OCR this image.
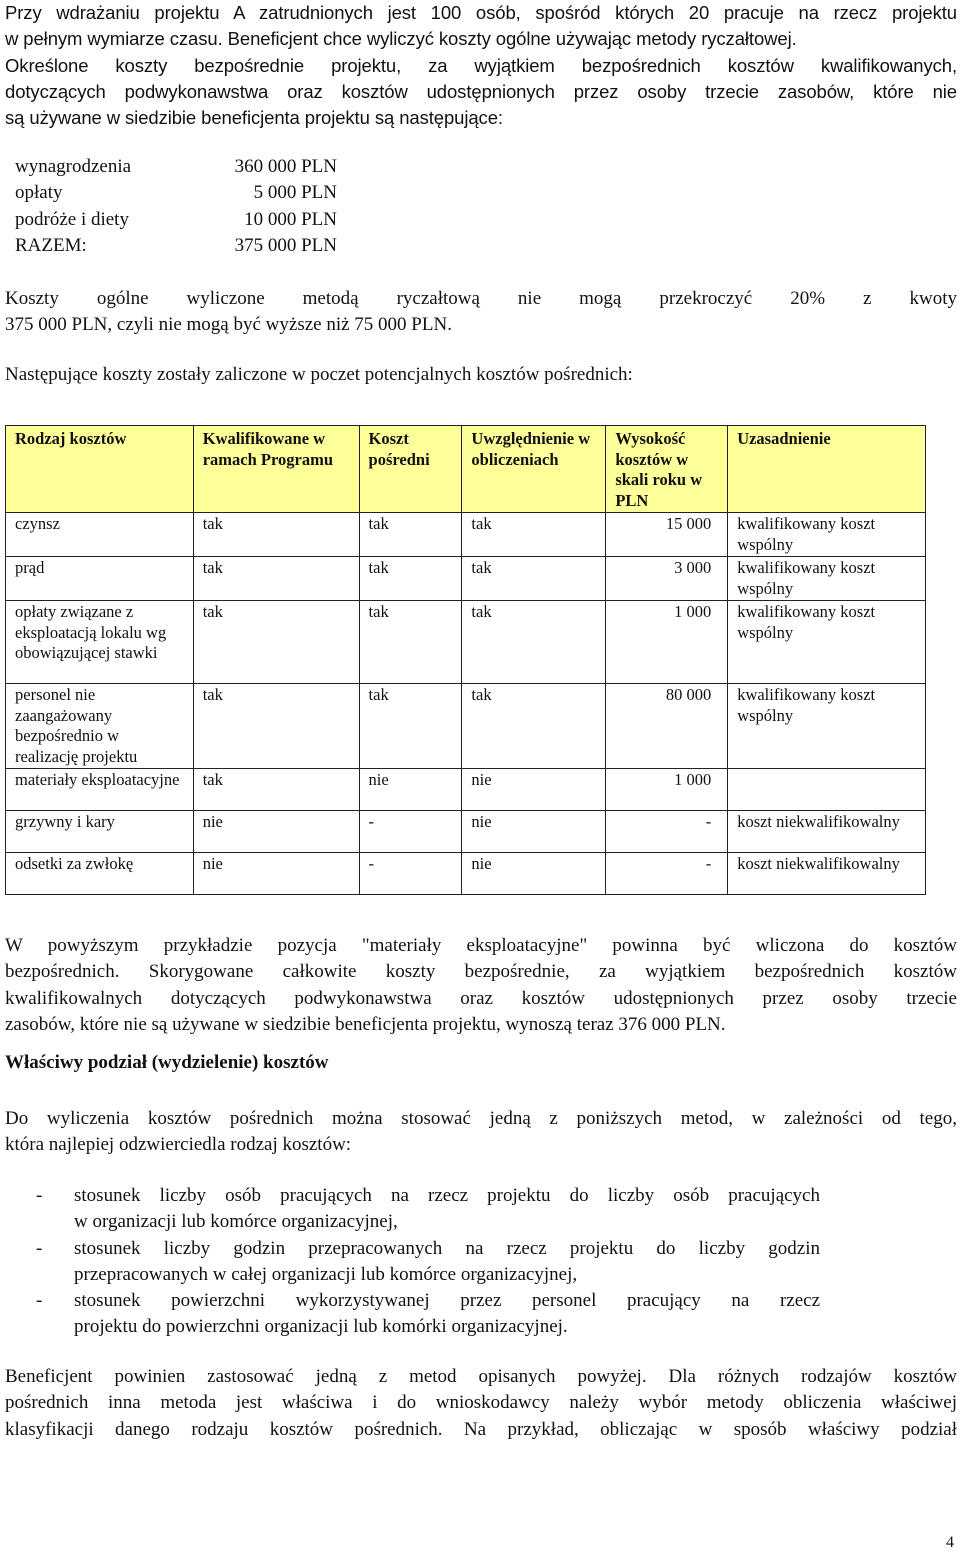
Przy wdrażaniu projektu A zatrudnionych jest 100 osób, spośród których 20 pracuje na rzecz projektu
w pełnym wymiarze czasu. Beneficjent chce wyliczyć koszty ogólne używając metody ryczałtowej.
Określone koszty bezpośrednie projektu, za wyjątkiem bezpośrednich kosztów kwalifikowanych,
dotyczących podwykonawstwa oraz kosztów udostępnionych przez osoby trzecie zasobów, które nie
są używane w siedzibie beneficjenta projektu są następujące:
wynagrodzenia	360 000 PLN
opłaty	5 000 PLN
podróże i diety	10 000 PLN
RAZEM:	375 000 PLN
Koszty ogólne wyliczone metodą ryczałtową nie mogą przekroczyć 20% z kwoty
375 000 PLN, czyli nie mogą być wyższe niż 75 000 PLN.
Następujące koszty zostały zaliczone w poczet potencjalnych kosztów pośrednich:
Rodzaj kosztów	Kwalifikowane w ramach Programu	Koszt pośredni	Uwzględnienie w obliczeniach	Wysokość kosztów w skali roku w PLN	Uzasadnienie
czynsz	tak	tak	tak	15 000	kwalifikowany koszt wspólny
prąd	tak	tak	tak	3 000	kwalifikowany koszt wspólny
opłaty związane z eksploatacją lokalu wg obowiązującej stawki	tak	tak	tak	1 000	kwalifikowany koszt wspólny
personel nie zaangażowany bezpośrednio w realizację projektu	tak	tak	tak	80 000	kwalifikowany koszt wspólny
materiały eksploatacyjne	tak	nie	nie	1 000	
grzywny i kary	nie	-	nie	-	koszt niekwalifikowalny
odsetki za zwłokę	nie	-	nie	-	koszt niekwalifikowalny
W powyższym przykładzie pozycja "materiały eksploatacyjne" powinna być wliczona do kosztów
bezpośrednich. Skorygowane całkowite koszty bezpośrednie, za wyjątkiem bezpośrednich kosztów
kwalifikowalnych dotyczących podwykonawstwa oraz kosztów udostępnionych przez osoby trzecie
zasobów, które nie są używane w siedzibie beneficjenta projektu, wynoszą teraz 376 000 PLN.
Właściwy podział (wydzielenie) kosztów
Do wyliczenia kosztów pośrednich można stosować jedną z poniższych metod, w zależności od tego,
która najlepiej odzwierciedla rodzaj kosztów:
- stosunek liczby osób pracujących na rzecz projektu do liczby osób pracujących
w organizacji lub komórce organizacyjnej,
- stosunek liczby godzin przepracowanych na rzecz projektu do liczby godzin
przepracowanych w całej organizacji lub komórce organizacyjnej,
- stosunek powierzchni wykorzystywanej przez personel pracujący na rzecz
projektu do powierzchni organizacji lub komórki organizacyjnej.
Beneficjent powinien zastosować jedną z metod opisanych powyżej. Dla różnych rodzajów kosztów
pośrednich inna metoda jest właściwa i do wnioskodawcy należy wybór metody obliczenia właściwej
klasyfikacji danego rodzaju kosztów pośrednich. Na przykład, obliczając w sposób właściwy podział
4
